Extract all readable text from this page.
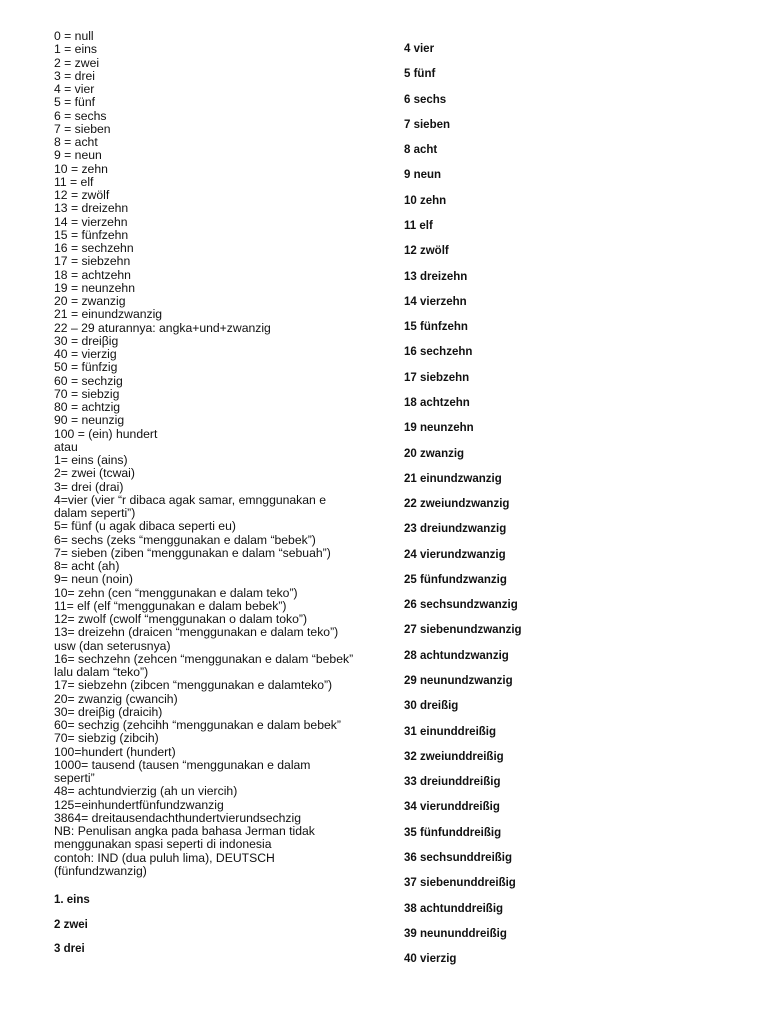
0 = null
1 = eins
2 = zwei
3 = drei
4 = vier
5 = fünf
6 = sechs
7 = sieben
8 = acht
9 = neun
10 = zehn
11 = elf
12 = zwölf
13 = dreizehn
14 = vierzehn
15 = fünfzehn
16 = sechzehn
17 = siebzehn
18 = achtzehn
19 = neunzehn
20 = zwanzig
21 = einundzwanzig
22 – 29 aturannya: angka+und+zwanzig
30 = dreiβig
40 = vierzig
50 = fünfzig
60 = sechzig
70 = siebzig
80 = achtzig
90 = neunzig
100 = (ein) hundert
atau
1= eins (ains)
2= zwei (tcwai)
3= drei (drai)
4=vier (vier “r dibaca agak samar, emnggunakan e dalam seperti”)
5= fünf (u agak dibaca seperti eu)
6= sechs (zeks “menggunakan e dalam “bebek”)
7= sieben (ziben “menggunakan e dalam “sebuah”)
8= acht (ah)
9= neun (noin)
10= zehn (cen “menggunakan e dalam teko”)
11= elf (elf “menggunakan e dalam bebek”)
12= zwolf (cwolf “menggunakan o dalam toko”)
13= dreizehn (draicen “menggunakan e dalam teko”)
usw (dan seterusnya)
16= sechzehn (zehcen “menggunakan e dalam “bebek” lalu dalam “teko”)
17= siebzehn (zibcen “menggunakan e dalamteko”)
20= zwanzig (cwancih)
30= dreiβig (draicih)
60= sechzig (zehcihh “menggunakan e dalam bebek”
70= siebzig (zibcih)
100=hundert (hundert)
1000= tausend (tausen “menggunakan e dalam seperti”
48= achtundvierzig (ah un viercih)
125=einhundertfünfundzwanzig
3864= dreitausendachthundertvierundsechzig
NB: Penulisan angka pada bahasa Jerman tidak menggunakan spasi seperti di indonesia
contoh: IND (dua puluh lima), DEUTSCH (fünfundzwanzig)
1. eins
2 zwei
3 drei
4 vier
5 fünf
6 sechs
7 sieben
8 acht
9 neun
10 zehn
11 elf
12 zwölf
13 dreizehn
14 vierzehn
15 fünfzehn
16 sechzehn
17 siebzehn
18 achtzehn
19 neunzehn
20 zwanzig
21 einundzwanzig
22 zweiundzwanzig
23 dreiundzwanzig
24 vierundzwanzig
25 fünfundzwanzig
26 sechsundzwanzig
27 siebenundzwanzig
28 achtundzwanzig
29 neunundzwanzig
30 dreißig
31 einunddreißig
32 zweiunddreißig
33 dreiunddreißig
34 vierunddreißig
35 fünfunddreißig
36 sechsunddreißig
37 siebenunddreißig
38 achtunddreißig
39 neununddreißig
40 vierzig
